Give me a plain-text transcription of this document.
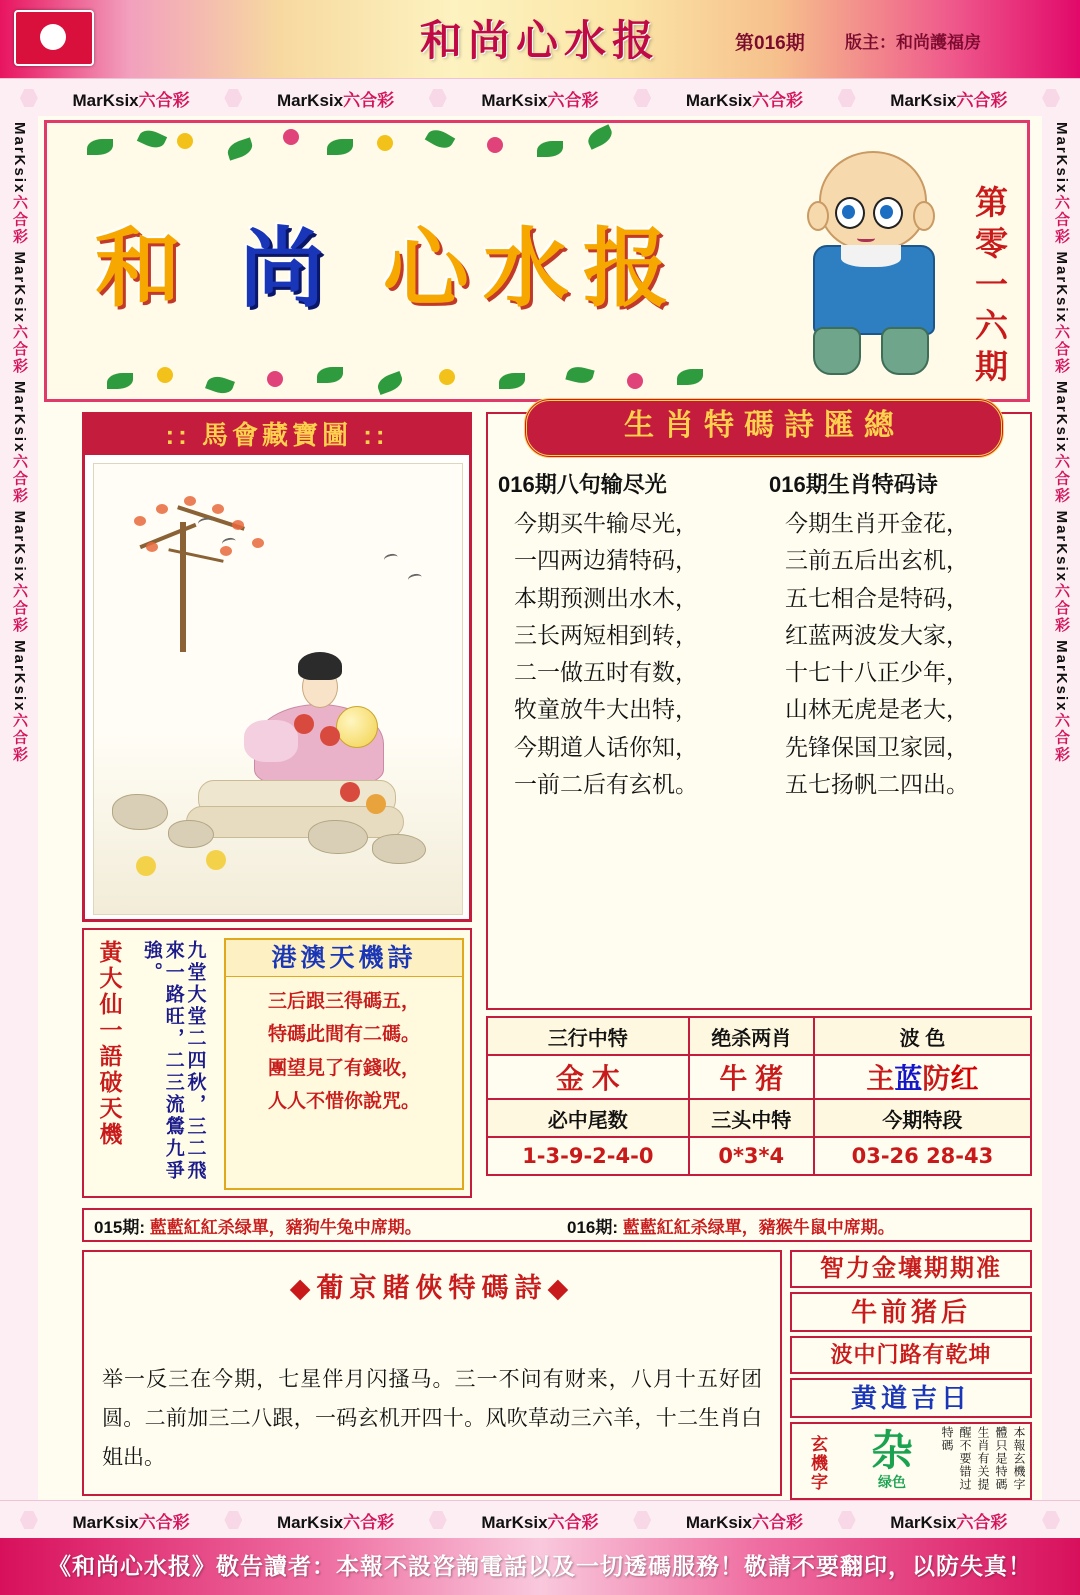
和尚心水报	第016期 版主：和尚護福房
MarKsix六合彩	MarKsix六合彩	MarKsix六合彩	MarKsix六合彩	MarKsix六合彩
MarKsix六合彩 MarKsix六合彩 MarKsix六合彩 MarKsix六合彩 MarKsix六合彩
MarKsix六合彩 MarKsix六合彩 MarKsix六合彩 MarKsix六合彩 MarKsix六合彩
和 尚 心水报	第零一六期
:: 馬會藏寶圖 ::
黃大仙一語破天機	九堂大堂二四秋，三二飛來一路旺，二三流鶯九爭強。	港澳天機詩
三后跟三得碼五，
特碼此間有二碼。
團望見了有錢收，
人人不惜你說咒。
生肖特碼詩匯總
016期八句输尽光
今期买牛输尽光，
一四两边猜特码，
本期预测出水木，
三长两短相到转，
二一做五时有数，
牧童放牛大出特，
今期道人话你知，
一前二后有玄机。
016期生肖特码诗
今期生肖开金花，
三前五后出玄机，
五七相合是特码，
红蓝两波发大家，
十七十八正少年，
山林无虎是老大，
先锋保国卫家园，
五七扬帆二四出。
三行中特	绝杀两肖	波 色
金 木	牛 猪	主蓝防红
必中尾数	三头中特	今期特段
1-3-9-2-4-0	0*3*4	03-26 28-43
015期: 藍藍紅紅杀绿單，豬狗牛兔中席期。	016期: 藍藍紅紅杀绿單，豬猴牛鼠中席期。
◆葡京賭俠特碼詩◆
举一反三在今期，七星伴月闪搔马。三一不问有财来，八月十五好团圆。二前加三二八跟，一码玄机开四十。风吹草动三六羊，十二生肖白姐出。
智力金壤期期准
牛前猪后
波中门路有乾坤
黄道吉日
玄機字	杂
绿色	本報玄機字體只是特碼生肖有关提醒不要错过特碼
MarKsix六合彩	MarKsix六合彩	MarKsix六合彩	MarKsix六合彩	MarKsix六合彩
《和尚心水报》敬告讀者：本報不設咨詢電話以及一切透碼服務！敬請不要翻印，以防失真！
